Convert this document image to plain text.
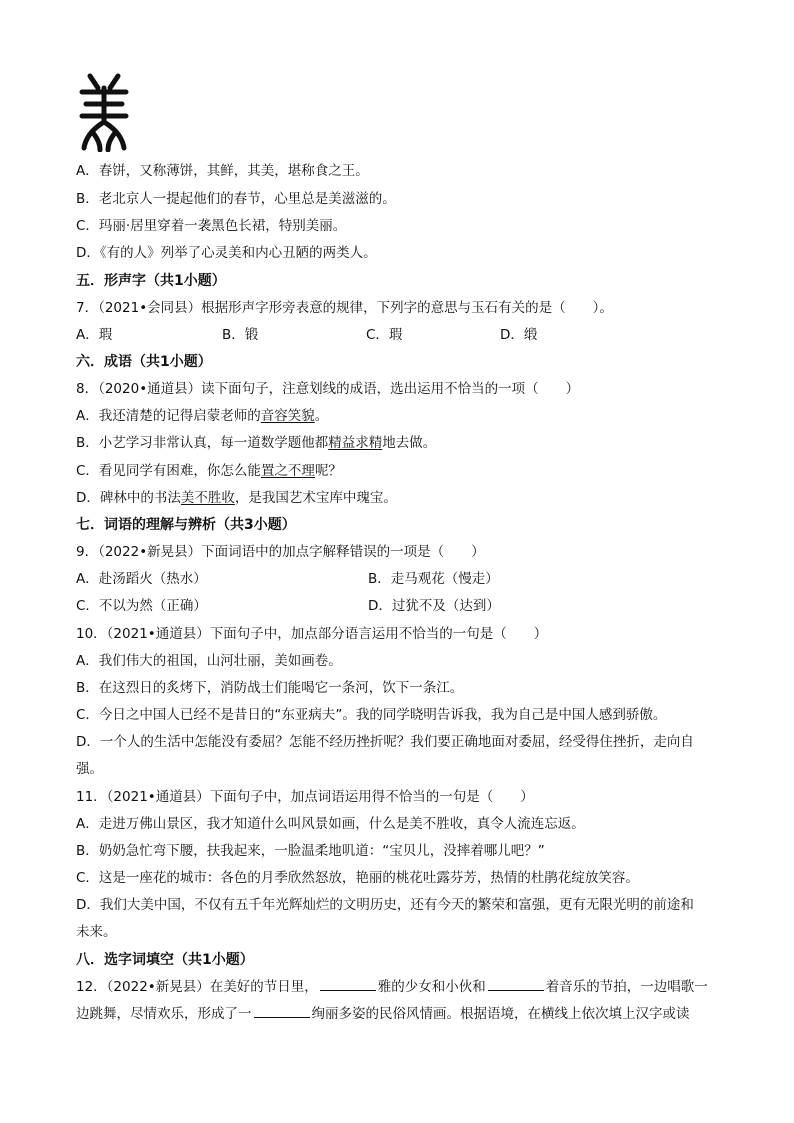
A．春饼，又称薄饼，其鲜，其美，堪称食之王。
B．老北京人一提起他们的春节，心里总是美滋滋的。
C．玛丽·居里穿着一袭黑色长裙，特别美丽。
D．《有的人》列举了心灵美和内心丑陋的两类人。
五．形声字（共1小题）
7．（2021•会同县）根据形声字形旁表意的规律，下列字的意思与玉石有关的是（　　）。
A．瑕	B．锻	C．瑕	D．缎
六．成语（共1小题）
8．（2020•通道县）读下面句子，注意划线的成语，选出运用不恰当的一项（　　）
A．我还清楚的记得启蒙老师的音容笑貌。
B．小艺学习非常认真，每一道数学题他都精益求精地去做。
C．看见同学有困难，你怎么能置之不理呢？
D．碑林中的书法美不胜收，是我国艺术宝库中瑰宝。
七．词语的理解与辨析（共3小题）
9．（2022•新晃县）下面词语中的加点字解释错误的一项是（　　）
A．赴汤蹈火（热水）	B．走马观花（慢走）
C．不以为然（正确）	D．过犹不及（达到）
10．（2021•通道县）下面句子中，加点部分语言运用不恰当的一句是（　　）
A．我们伟大的祖国，山河壮丽，美如画卷。
B．在这烈日的炙烤下，消防战士们能喝它一条河，饮下一条江。
C．今日之中国人已经不是昔日的“东亚病夫”。我的同学晓明告诉我，我为自己是中国人感到骄傲。
D．一个人的生活中怎能没有委屈？怎能不经历挫折呢？我们要正确地面对委屈，经受得住挫折，走向自
强。
11．（2021•通道县）下面句子中，加点词语运用得不恰当的一句是（　　）
A．走进万佛山景区，我才知道什么叫风景如画，什么是美不胜收，真令人流连忘返。
B．奶奶急忙弯下腰，扶我起来，一脸温柔地叽道：“宝贝儿，没摔着哪儿吧？”
C．这是一座花的城市：各色的月季欣然怒放，艳丽的桃花吐露芬芳，热情的杜鹃花绽放笑容。
D．我们大美中国，不仅有五千年光辉灿烂的文明历史，还有今天的繁荣和富强，更有无限光明的前途和
未来。
八．选字词填空（共1小题）
12．（2022•新晃县）在美好的节日里，	雅的少女和小伙和	着音乐的节拍，一边唱歌一
边跳舞，尽情欢乐，形成了一	绚丽多姿的民俗风情画。根据语境，在横线上依次填上汉字或读
